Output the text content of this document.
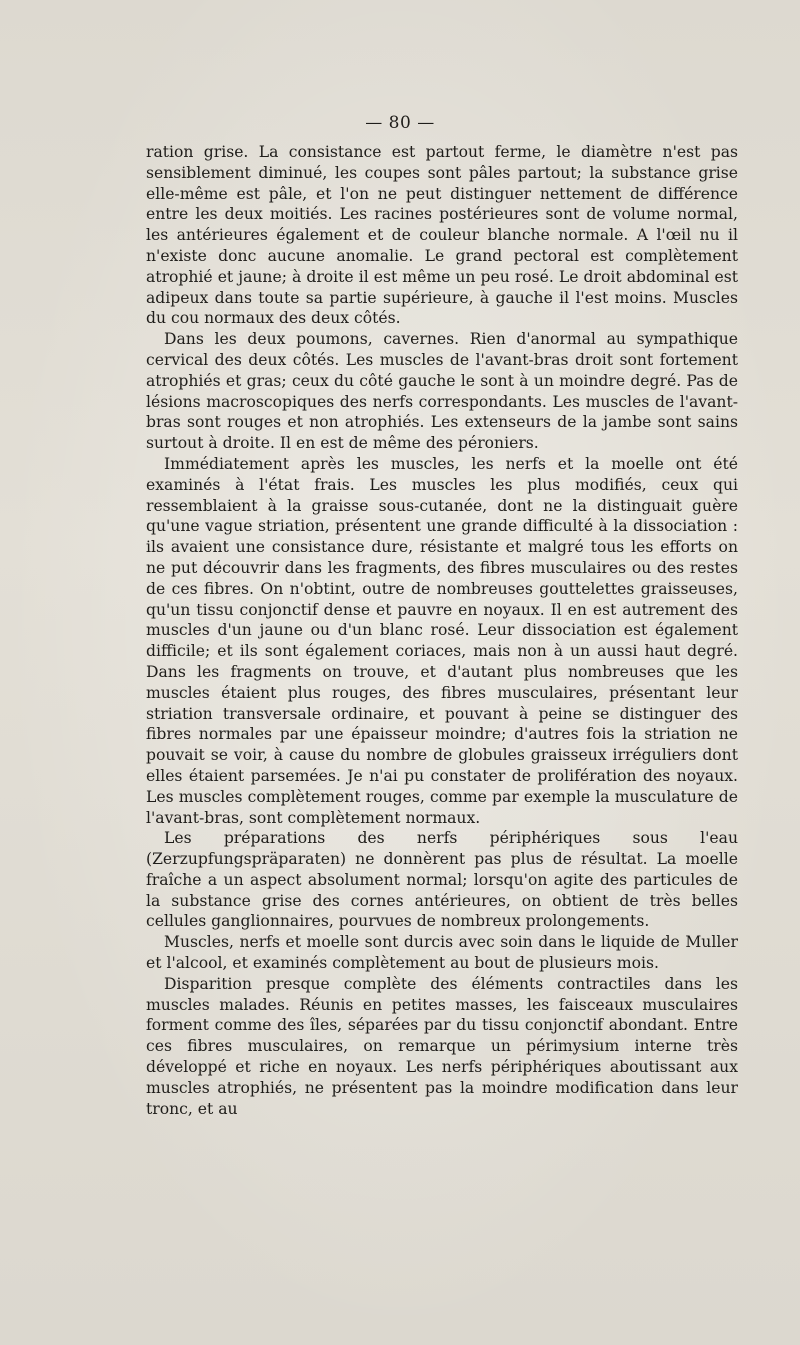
— 80 —

ration grise. La consistance est partout ferme, le diamètre n'est pas sensiblement diminué, les coupes sont pâles partout; la substance grise elle-même est pâle, et l'on ne peut distinguer nettement de différence entre les deux moitiés. Les racines postérieures sont de volume normal, les antérieures également et de couleur blanche normale. A l'œil nu il n'existe donc aucune anomalie. Le grand pectoral est complètement atrophié et jaune; à droite il est même un peu rosé. Le droit abdominal est adipeux dans toute sa partie supérieure, à gauche il l'est moins. Muscles du cou normaux des deux côtés.

Dans les deux poumons, cavernes. Rien d'anormal au sympathique cervical des deux côtés. Les muscles de l'avant-bras droit sont fortement atrophiés et gras; ceux du côté gauche le sont à un moindre degré. Pas de lésions macroscopiques des nerfs correspondants. Les muscles de l'avant-bras sont rouges et non atrophiés. Les extenseurs de la jambe sont sains surtout à droite. Il en est de même des péroniers.

Immédiatement après les muscles, les nerfs et la moelle ont été examinés à l'état frais. Les muscles les plus modifiés, ceux qui ressemblaient à la graisse sous-cutanée, dont ne la distinguait guère qu'une vague striation, présentent une grande difficulté à la dissociation : ils avaient une consistance dure, résistante et malgré tous les efforts on ne put découvrir dans les fragments, des fibres musculaires ou des restes de ces fibres. On n'obtint, outre de nombreuses gouttelettes graisseuses, qu'un tissu conjonctif dense et pauvre en noyaux. Il en est autrement des muscles d'un jaune ou d'un blanc rosé. Leur dissociation est également difficile; et ils sont également coriaces, mais non à un aussi haut degré. Dans les fragments on trouve, et d'autant plus nombreuses que les muscles étaient plus rouges, des fibres musculaires, présentant leur striation transversale ordinaire, et pouvant à peine se distinguer des fibres normales par une épaisseur moindre; d'autres fois la striation ne pouvait se voir, à cause du nombre de globules graisseux irréguliers dont elles étaient parsemées. Je n'ai pu constater de prolifération des noyaux. Les muscles complètement rouges, comme par exemple la musculature de l'avant-bras, sont complètement normaux.

Les préparations des nerfs périphériques sous l'eau (Zerzupfungspräparaten) ne donnèrent pas plus de résultat. La moelle fraîche a un aspect absolument normal; lorsqu'on agite des particules de la substance grise des cornes antérieures, on obtient de très belles cellules ganglionnaires, pourvues de nombreux prolongements.

Muscles, nerfs et moelle sont durcis avec soin dans le liquide de Muller et l'alcool, et examinés complètement au bout de plusieurs mois.

Disparition presque complète des éléments contractiles dans les muscles malades. Réunis en petites masses, les faisceaux musculaires forment comme des îles, séparées par du tissu conjonctif abondant. Entre ces fibres musculaires, on remarque un périmysium interne très développé et riche en noyaux. Les nerfs périphériques aboutissant aux muscles atrophiés, ne présentent pas la moindre modification dans leur tronc, et au
